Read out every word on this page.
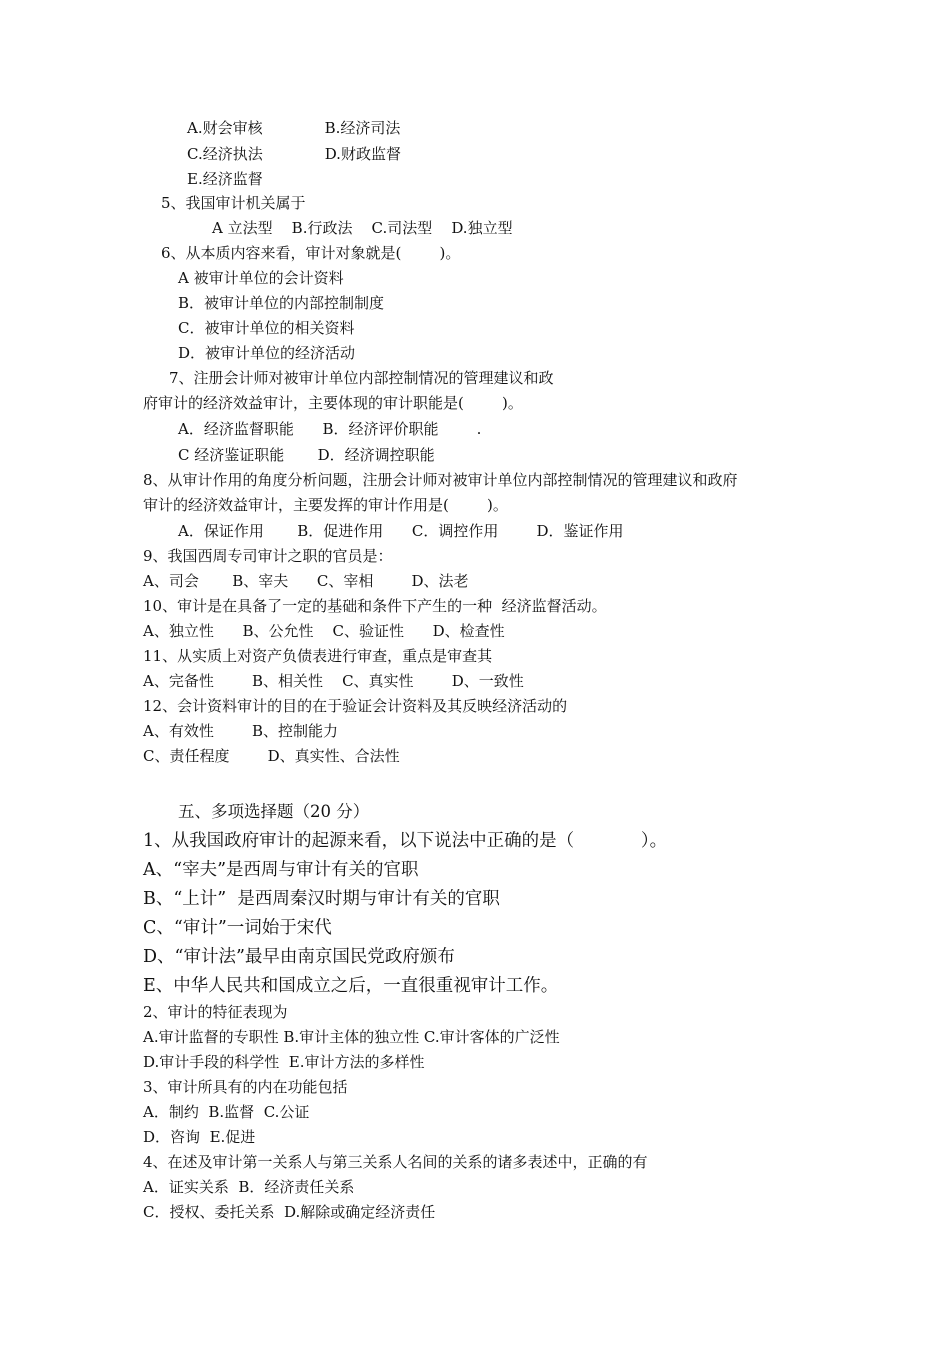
A.财会审核             B.经济司法
C.经济执法             D.财政监督
E.经济监督
5、我国审计机关属于
A 立法型    B.行政法    C.司法型    D.独立型
6、从本质内容来看，审计对象就是(        )。
A 被审计单位的会计资料
B．被审计单位的内部控制制度
C．被审计单位的相关资料
D．被审计单位的经济活动
7、注册会计师对被审计单位内部控制情况的管理建议和政
府审计的经济效益审计，主要体现的审计职能是(        )。
A．经济监督职能      B．经济评价职能        .
C 经济鉴证职能       D．经济调控职能
8、从审计作用的角度分析问题，注册会计师对被审计单位内部控制情况的管理建议和政府
审计的经济效益审计，主要发挥的审计作用是(        )。
A．保证作用       B．促进作用      C．调控作用        D．鉴证作用
9、我国西周专司审计之职的官员是：
A、司会       B、宰夫      C、宰相        D、法老
10、审计是在具备了一定的基础和条件下产生的一种  经济监督活动。
A、独立性      B、公允性    C、验证性      D、检查性
11、从实质上对资产负债表进行审查，重点是审查其
A、完备性        B、相关性    C、真实性        D、一致性
12、会计资料审计的目的在于验证会计资料及其反映经济活动的
A、有效性        B、控制能力
C、责任程度        D、真实性、合法性
五、多项选择题（20 分）
1、从我国政府审计的起源来看，以下说法中正确的是（            ）。
A、“宰夫”是西周与审计有关的官职
B、“上计”  是西周秦汉时期与审计有关的官职
C、“审计”一词始于宋代
D、“审计法”最早由南京国民党政府颁布
E、中华人民共和国成立之后，一直很重视审计工作。
2、审计的特征表现为
A.审计监督的专职性 B.审计主体的独立性 C.审计客体的广泛性
D.审计手段的科学性  E.审计方法的多样性
3、审计所具有的内在功能包括
A．制约  B.监督  C.公证
D．咨询  E.促进
4、在述及审计第一关系人与第三关系人名间的关系的诸多表述中，正确的有
A．证实关系  B．经济责任关系
C．授权、委托关系  D.解除或确定经济责任
